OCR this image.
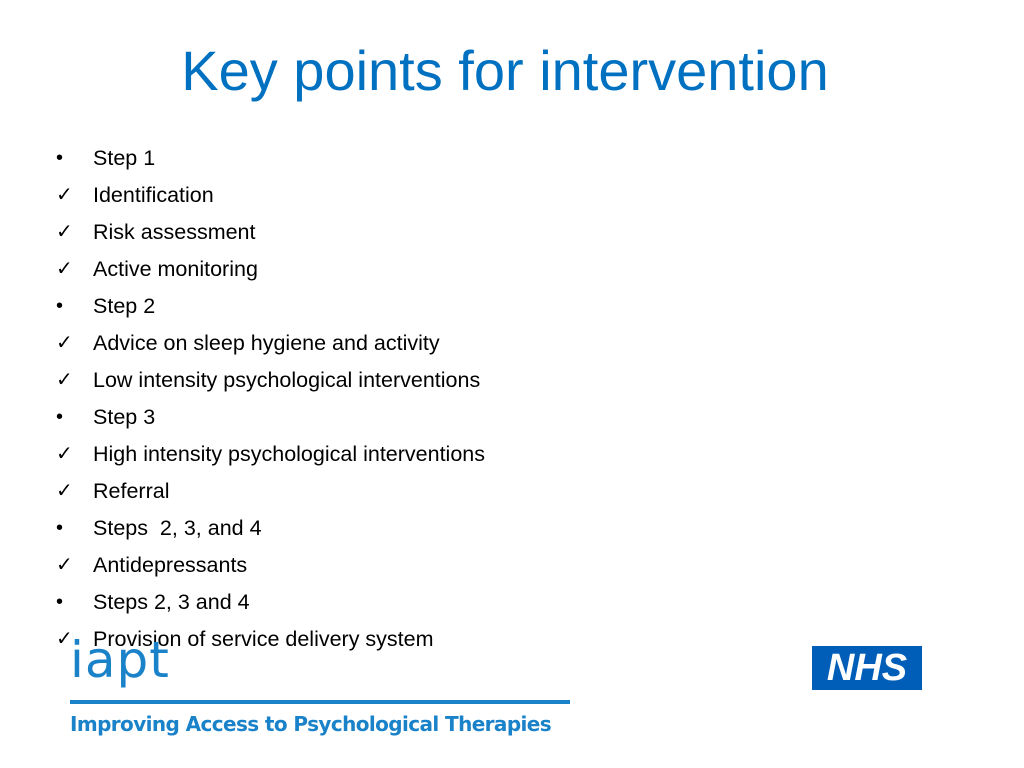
Key points for intervention
•	Step 1
✓ Identification
✓ Risk assessment
✓ Active monitoring
•	Step 2
✓ Advice on sleep hygiene and activity
✓ Low intensity psychological interventions
•	Step 3
✓ High intensity psychological interventions
✓ Referral
•	Steps  2, 3, and 4
✓ Antidepressants
•	Steps 2, 3 and 4
✓ Provision of service delivery system
iapt
Improving Access to Psychological Therapies
NHS
